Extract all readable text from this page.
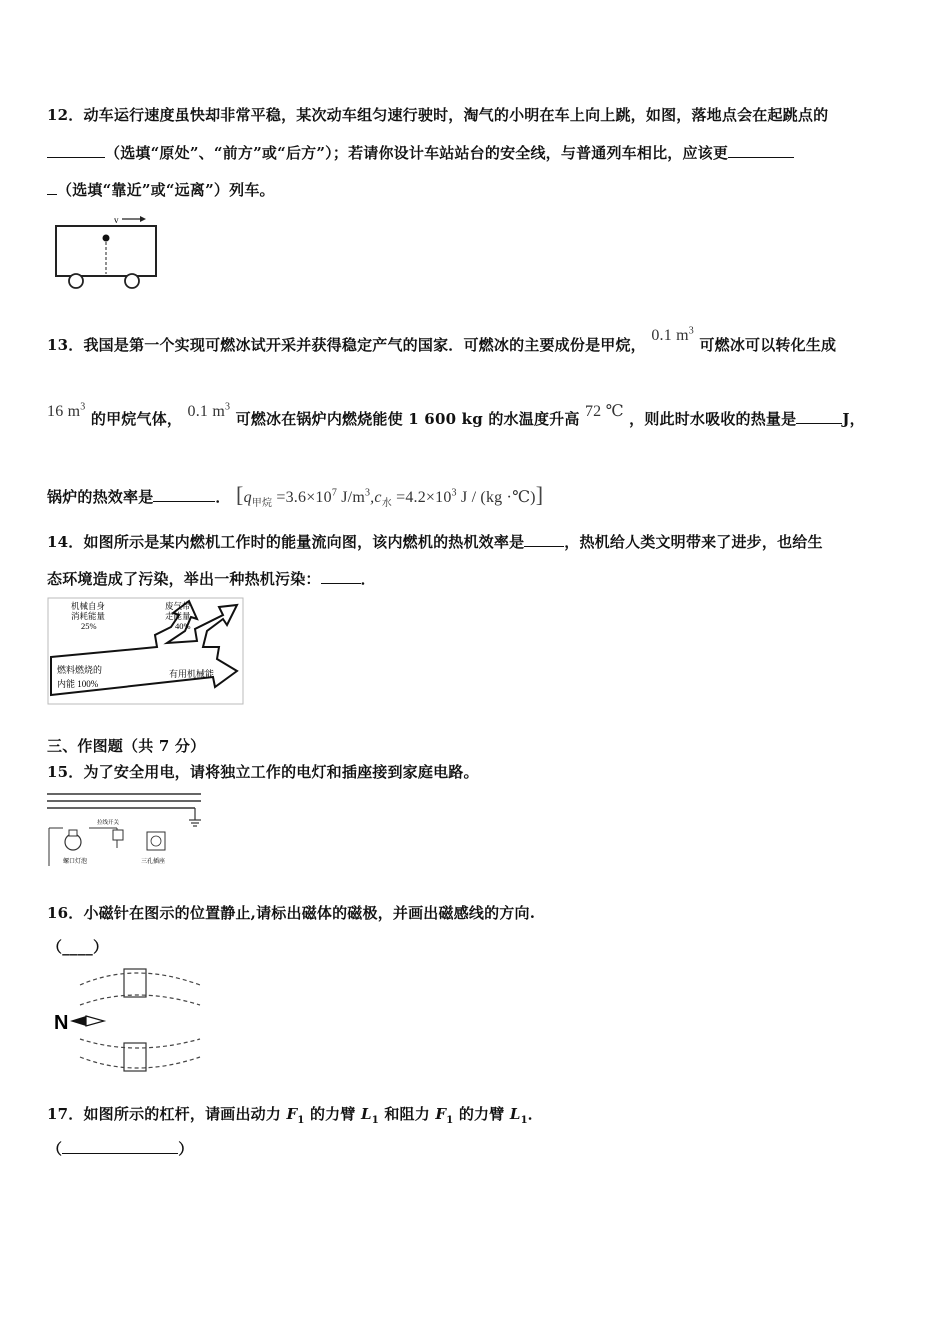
12．动车运行速度虽快却非常平稳，某次动车组匀速行驶时，淘气的小明在车上向上跳，如图，落地点会在起跳点的
（选填“原处”、“前方”或“后方”）；若请你设计车站站台的安全线，与普通列车相比，应该更
（选填“靠近”或“远离”）列车。
v
13．我国是第一个实现可燃冰试开采并获得稳定产气的国家．可燃冰的主要成份是甲烷， 0.1 $m^3$ 可燃冰可以转化生成
16 $m^3$ 的甲烷气体， 0.1 $m^3$ 可燃冰在锅炉内燃烧能使 1 600 kg 的水温度升高 72 ℃ ，则此时水吸收的热量是	J，
锅炉的热效率是	． [$q_{甲烷} =3.6\times 10^7$ $J/m^3,c_水 =4.2\times 10^3$ J / (kg ·℃)]
14．如图所示是某内燃机工作时的能量流向图，该内燃机的热机效率是	，热机给人类文明带来了进步，也给生
态环境造成了污染，举出一种热机污染：	．
机械自身
消耗能量
25%
废气带
走能量
40%
燃料燃烧的
内能 100%
有用机械能
三、作图题（共 7 分）
15．为了安全用电，请将独立工作的电灯和插座接到家庭电路。
螺口灯泡
拉线开关
三孔插座
16．小磁针在图示的位置静止,请标出磁体的磁极，并画出磁感线的方向.
（____）
N
17．如图所示的杠杆，请画出动力 $F_1$ 的力臂 $L_1$ 和阻力 $F_1$ 的力臂 $L_1$．
（	）
